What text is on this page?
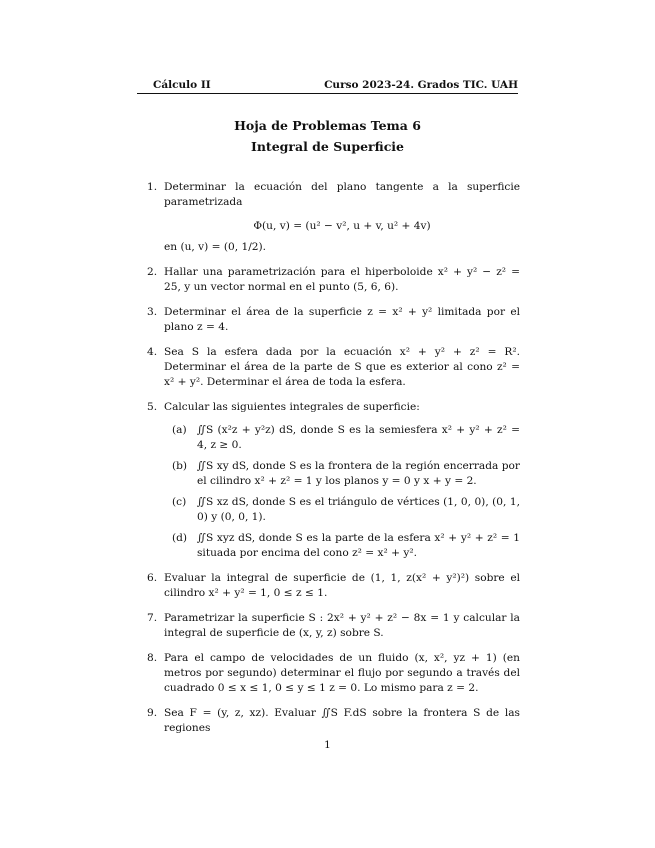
Cálculo II	Curso 2023-24. Grados TIC. UAH
Hoja de Problemas Tema 6
Integral de Superficie
1. Determinar la ecuación del plano tangente a la superficie parametrizada
Φ(u, v) = (u² − v², u + v, u² + 4v)
en (u, v) = (0, 1/2).
2. Hallar una parametrización para el hiperboloide x² + y² − z² = 25, y un vector normal en el punto (5, 6, 6).
3. Determinar el área de la superficie z = x² + y² limitada por el plano z = 4.
4. Sea S la esfera dada por la ecuación x² + y² + z² = R². Determinar el área de la parte de S que es exterior al cono z² = x² + y². Determinar el área de toda la esfera.
5. Calcular las siguientes integrales de superficie:
(a) ∬S (x²z + y²z) dS, donde S es la semiesfera x² + y² + z² = 4, z ≥ 0.
(b) ∬S xy dS, donde S es la frontera de la región encerrada por el cilindro x² + z² = 1 y los planos y = 0 y x + y = 2.
(c) ∬S xz dS, donde S es el triángulo de vértices (1, 0, 0), (0, 1, 0) y (0, 0, 1).
(d) ∬S xyz dS, donde S es la parte de la esfera x² + y² + z² = 1 situada por encima del cono z² = x² + y².
6. Evaluar la integral de superficie de (1, 1, z(x² + y²)²) sobre el cilindro x² + y² = 1, 0 ≤ z ≤ 1.
7. Parametrizar la superficie S : 2x² + y² + z² − 8x = 1 y calcular la integral de superficie de (x, y, z) sobre S.
8. Para el campo de velocidades de un fluido (x, x², yz + 1) (en metros por segundo) determinar el flujo por segundo a través del cuadrado 0 ≤ x ≤ 1, 0 ≤ y ≤ 1 z = 0. Lo mismo para z = 2.
9. Sea F = (y, z, xz). Evaluar ∬S F.dS sobre la frontera S de las regiones
1
